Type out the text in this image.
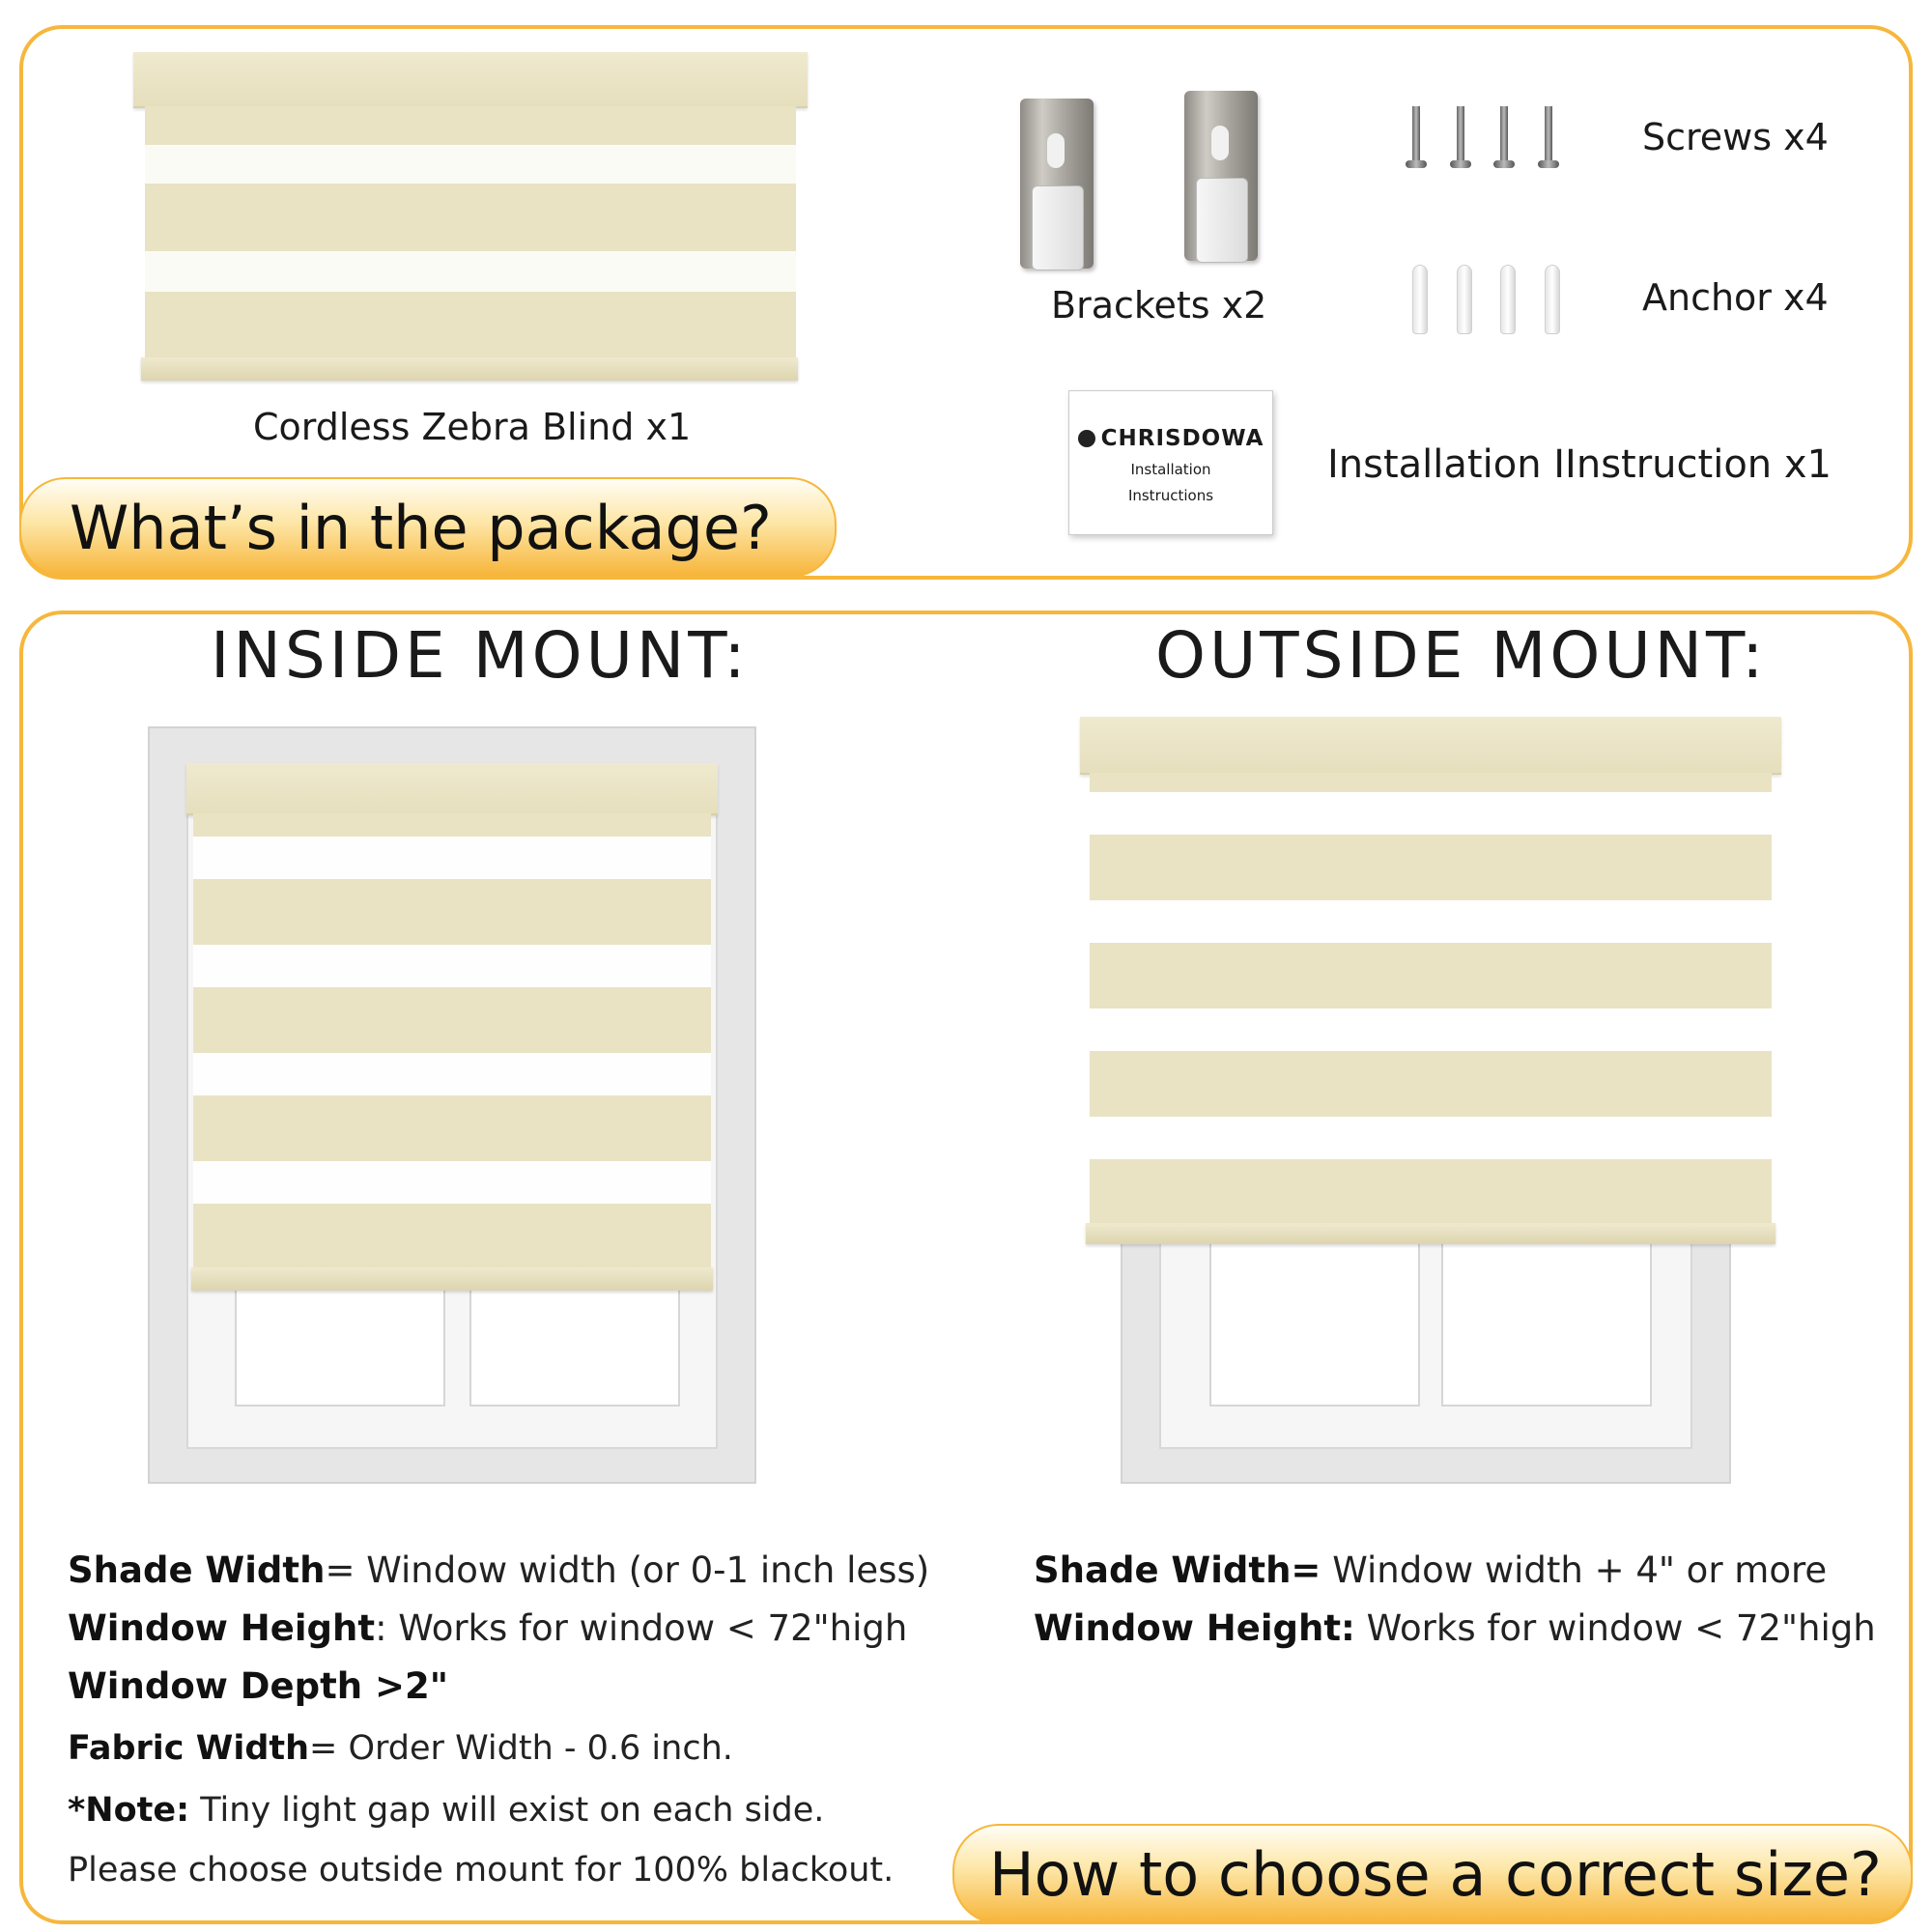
Cordless Zebra Blind x1
Brackets x2
Screws x4
Anchor x4
CHRISDOWA
Installation
Instructions
Installation IInstruction x1
What’s in the package?
INSIDE MOUNT:	OUTSIDE MOUNT:
Shade Width= Window width (or 0-1 inch less)
Window Height: Works for window < 72"high
Window Depth >2"
Fabric Width= Order Width - 0.6 inch.
*Note: Tiny light gap will exist on each side.
Please choose outside mount for 100% blackout.
Shade Width= Window width + 4" or more
Window Height: Works for window < 72"high
How to choose a correct size?
